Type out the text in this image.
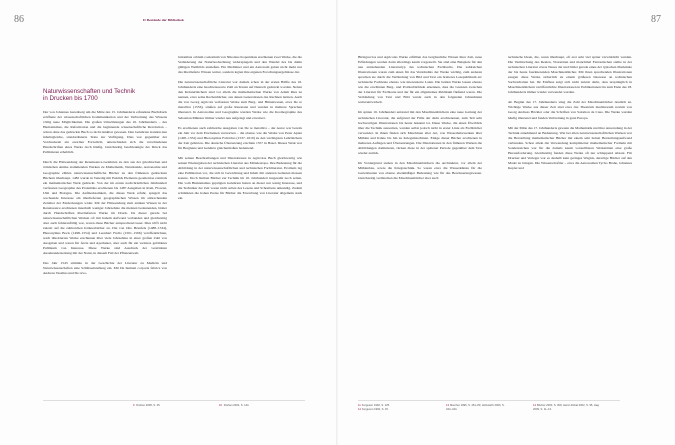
86	II Bestände der Bibliothek
Naturwissenschaften und Technik
in Drucken bis 1700

Der von Johannes Gutenberg um die Mitte des 15. Jahrhunderts erfundene Buchdruck eröffnete der wissenschaftlichen Kommunikation und der Verbreitung des Wissens völlig neue Möglichkeiten. Die großen Umwälzungen des 16. Jahrhunderts – des Humanismus, die Reformation und die beginnende wissenschaftliche Revolution – wären ohne das gedruckte Buch so nicht denkbar gewesen. Den Gelehrten standen nun inhaltsgleiche, standardisierte Texte zur Verfügung. Dies war gegenüber der Vordruckzeit ein enormer Fortschritt, unterschieden sich die verschiedenen Handschriften eines Werks doch häufig. Gleichzeitig beschleunigte der Druck das Publizieren erheblich.

Durch die Hinwendung der Renaissance-Gelehrten zu den aus der griechischen und römischen Antike stammenden Werken zu Mathematik, Naturkunde, Astronomie und Geographie zählen naturwissenschaftliche Bücher zu den frühesten gedruckten Büchern überhaupt. 1482 wurde in Venedig mit Euklids Elementa geometriae erstmals ein mathematisches Werk gedruckt. Von der im ersten nachchristlichen Jahrhundert verfassten Geographie des Ptolemäus erschienen bis 1487 Ausgaben in Rom, Florenz, Ulm und Bologna. Die Aufmerksamkeit, die dieses Werk erfuhr, spiegelt das wachsende Interesse am überlieferten geographischen Wissen im anbrechenden Zeitalter der Entdeckungen wider. Mit der Hinwendung zum antiken Wissen in der Renaissance erschienen innerhalb weniger Jahrzehnte die meisten bedeutenden, bisher durch Handschriften überlieferten Werke im Druck. Da dieser gerade bei naturwissenschaftlichen Werken oft mit hohem Aufwand verbunden und gleichzeitig aber auch fehleranfällig war, waren diese Bücher entsprechend teuer. Dies trifft nicht zuletzt auf die zahlreichen Kräuterbücher zu. Die von Otto Brunfels (1488–1534), Hieronymus Bock (1498–1554) und Leonhart Fuchs (1501–1566) veröffentlichten, reich illustrierten Werke erschienen über viele Jahrzehnte in einer großen Zahl von Ausgaben und waren für Ärzte und Apotheker, aber auch für ein weiteres gebildetes Publikum von Interesse. Diese Werke sind Ausdruck der verstärkten Auseinandersetzung mit der Natur, in diesem Fall der Pflanzenwelt.

Das Jahr 1543 stimmte in der Geschichte der Literatur zu Medizin und Naturwissenschaften eine Schlüsselstellung ein. Mit De humani corporis fabrica von Andreas Vesalius und De revo-

lutionibus orbium coelestium von Nikolaus Kopernikus erschienen zwei Werke, die die Veränderung der Naturbeobachtung widerspiegeln und den Wandel des bis dahin gültigen Weltbilds anstießen. Ein Mediziner und ein Astronom gaben nicht mehr nur das überlieferte Wissen weiter, sondern legten ihre eigenen Forschungsergebnisse dar.

Die naturwissenschaftliche Literatur war damals schon in der ersten Hälfte des 16. Jahrhunderts eine beachtenswerte Zahl an Texten auf Deutsch gedruckt worden. Neben den Kräuterbüchern sind vor allem die mathematischen Werke von Adam Ries zu nennen, etwa seine Rechenbücher, aus denen Generationen das Rechnen lernten. Auch die von Georg Agricola verfassten Werke zum Berg- und Hüttenwesen, etwa De re metallica (1556), stießen auf große Resonanz und wurden in mehrere Sprachen übersetzt. In Astronomie und Geographie wurden Werke wie die Kosmographie des Sebastian Münster immer wieder neu aufgelegt und erweitert.

Es erschienen auch zahlreiche Ausgaben von De re metallica – der Autor war bereits ein Jahr vor dem Erscheinen verstorben – die ebenso wie die Werke von Peter Apian (1495–1552) und Hieronymus Fabricius (1537–1619) zu den wichtigsten Lehrbüchern der Zeit gehörten. Die deutsche Übersetzung erschien 1557 in Basel. Dieses Werk war für Bergleute und Gelehrte gleichermaßen bedeutend.

Mit seinen Beschreibungen und Illustrationen in Agricolas Buch gleichwertig wie seinen Wiedergaben der technischen Literatur aus Mitteleuropa. Ihre Bedeutung für die Abbildung in der naturwissenschaftlichen und technischen Fachliteratur. Erstmals lag eine Publikation vor, die sich in Gewichtung und Inhalt mit anderen Gebieten messen konnte. Doch bleiben Bücher zur Technik im 16. Jahrhundert insgesamt noch selten. Die vom Humanismus geprägten Gelehrten hatten an dieser nur wenig Interesse, und die Techniker der Zeit waren nicht selten des Lesens und Schreibens unkundig. Zudem schränkten die hohen Preise für Bücher die Erwerbung von Literatur allgemein stark ein.

9 Drehen 2008, S. 45.	10 Drehen 2002, S. 144.
87

Biringuccios und Agricolas Werke erfüllten das bergbauliche Wissen ihrer Zeit, neue Erfindungen werden darin allerdings kaum vorgestellt. Sie sind eine Beispiele für den neu entstehenden Literaturtyp des technischen Fachbuchs. Die zahlreichen Illustrationen waren zum einen für das Verständnis der Werke wichtig, zum anderen sprachen sie durch die Verbindung von Bild und Text ein breiteres Lesepublikum an: technische Fachleute ebenso wie interessierte Laien. Die beiden Werke lassen ebenso wie die erwähnten Berg- und Probierbüchlein erkennen, dass die Grenzen zwischen der Literatur für Fachleute und der für ein allgemeines Publikum fließend waren. Die Verbindung von Text und Bild wurde auch in den folgenden Jahrzehnten weiterentwickelt.

Im späten 16. Jahrhundert entstand mit den Maschinenbüchern eine neue Gattung der technischen Literatur, die aufgrund der Fülle der darin erschienenen, zum Teil sehr hochwertigen Illustrationen bis heute bekannt ist. Diese Werke, die einen Überblick über die Technik ausweiten, wurden selbst jedoch nicht in erster Linie als Fachbücher verwendet. In ihnen finden sich Maschinen aller Art, von Wasserhebewerken über Mühlen und Kräne bis hin zu Kriegsmaschinen. Einige dieser Bücher erschienen in mehreren Auflagen und Übersetzungen. Die Illustrationen in den früheren Werken die Abbildungen dominieren, rücken diese in der späteren Periode gegenüber dem Text wieder zurück.

Im Vordergrund stehen in den Maschinenbüchern die Architektur, vor allem der Mühlenbau, sowie die Kriegstechnik. So waren etwa die Wasserkünste für die Gartenbauten von ebenso ebenmäßiger Bedeutung wie für das Bewässerungswesen. Gleichzeitig vermischen die Maschinenbücher aber auch

technische Ideen, die, wenn überhaupt, oft erst sehr viel später verwirklicht wurden. Die Vermischung des Realen, Visionären und manchmal Fantastischen stellte in der technischen Literatur etwas Neues dar und bildet gerade eines der typischen Merkmale der bis heute faszinierenden Maschinenbücher. Mit ihren sprechenden Illustrationen zeugen diese Werke sicherlich zu einem größeren Interesse an technischen Sachverhalten bei. Ihr Einfluss zeigt sich nicht zuletzt darin, dass ursprünglich in Maschinenbüchern veröffentlichte Illustrationen in Publikationen bis zum Ende des 18. Jahrhunderts immer wieder verwendet wurden.

Ab Beginn des 17. Jahrhunderts stieg die Zahl der Maschinenbücher deutlich an. Wichtige Werke aus dieser Zeit sind etwa das Theatrum machinarum novum von Georg Andreas Böckler oder die Schriften von Salomon de Caus. Die Werke wurden häufig übersetzt und fanden Verbreitung in ganz Europa.

Mit der Mitte des 17. Jahrhunderts gewann die Mathematik und ihre Anwendung in der Technik zunehmend an Bedeutung. Wie bei allen naturwissenschaftlichen Werken war die Herstellung mathematischer Bücher mit einem sehr hohen Herstellungsaufwand verbunden. Schon allein die Verwendung komplizierter mathematischer Formeln mit Sonderzeichen war für die damals kaum vorstellbaren Werkstätten eine große Herausforderung. Gleichzeitig fanden diese Werke oft nur schleppend Absatz. Für Drucker und Verleger war es deshalb kein geringes Wagnis, derartige Bücher auf den Markt zu bringen. Die Wissenschaftler – etwa die Astronomen Tycho Brahe, Johannes Kepler und

11Ferguson 1992, S. 125.
12Ferguson 1992, S. 15.
13Marcher 1996, S. 461–83; Holzwarth 2000, S.
344–444.
14Böcher 2000, S. 309; Heinz-Dobat 2002, S. 95, Hag
2009, S. 11–13.
